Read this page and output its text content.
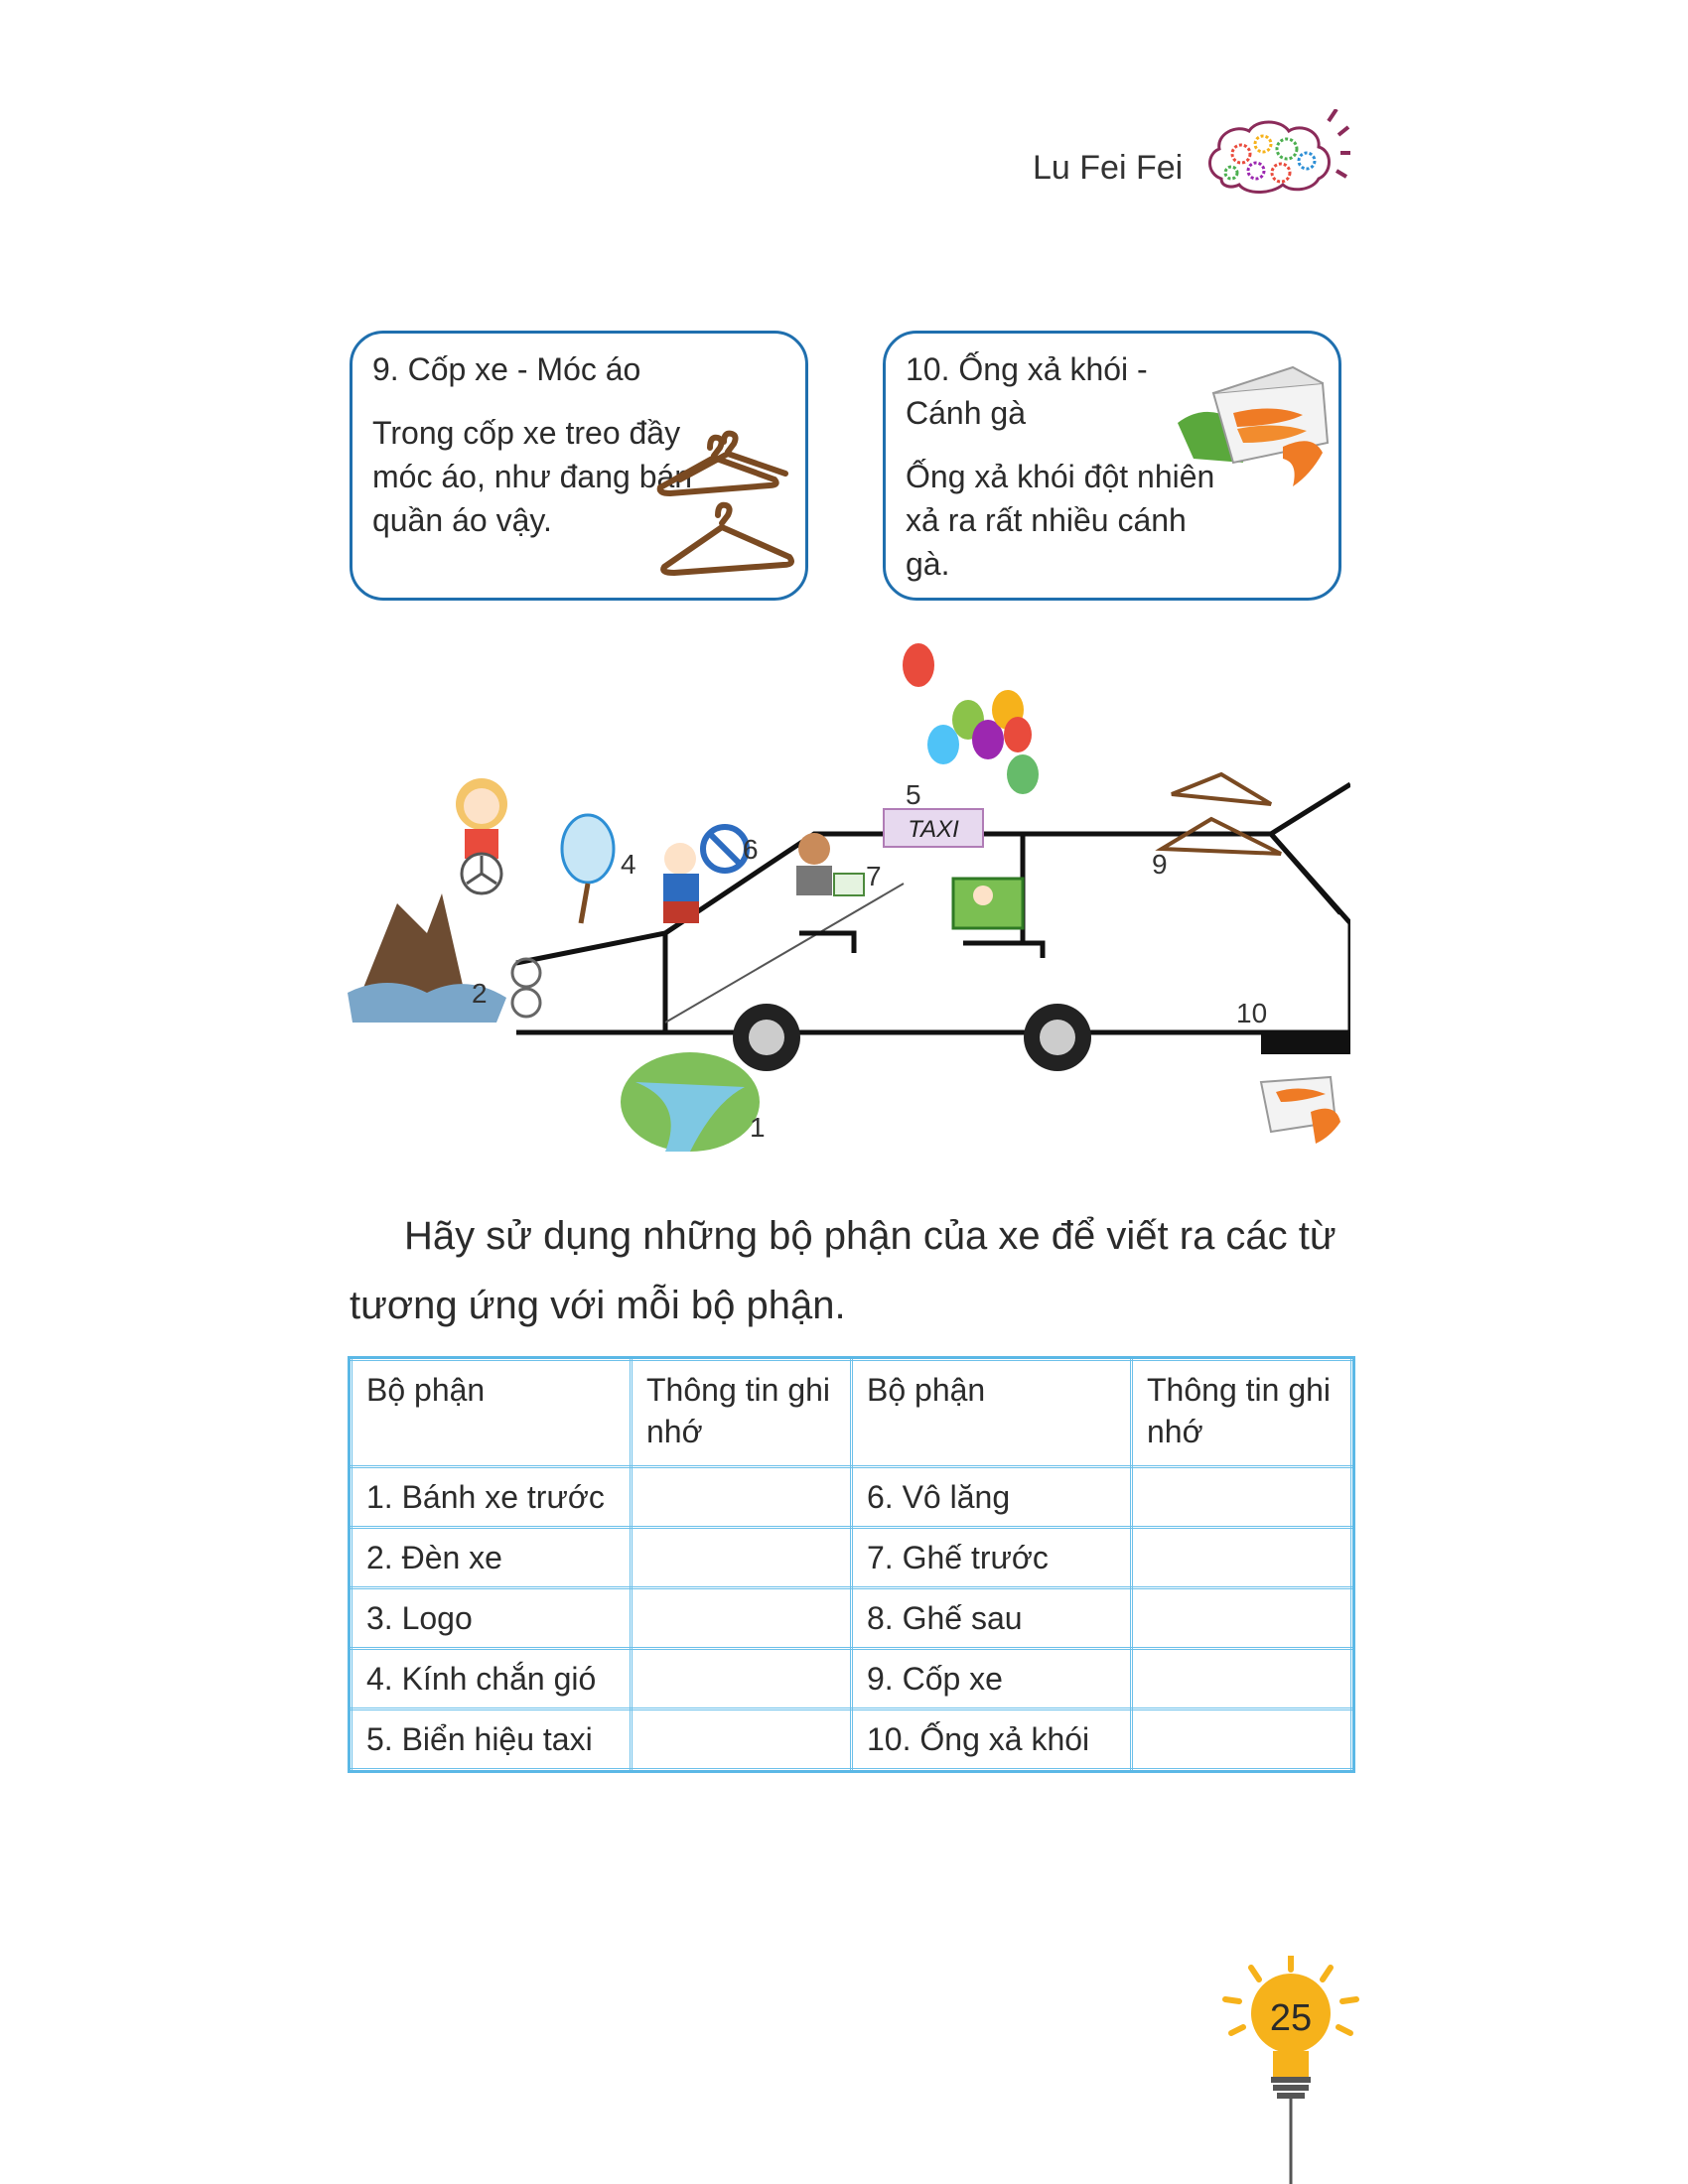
Lu Fei Fei
9. Cốp xe - Móc áo
Trong cốp xe treo đầy móc áo, như đang bán quần áo vậy.
10. Ống xả khói - Cánh gà
Ống xả khói đột nhiên xả ra rất nhiều cánh gà.
TAXI
1
2
4
5
6
7	9
10
Hãy sử dụng những bộ phận của xe để viết ra các từ tương ứng với mỗi bộ phận.
Bộ phận	Thông tin ghi nhớ	Bộ phận	Thông tin ghi nhớ
1. Bánh xe trước		6. Vô lăng	
2. Đèn xe		7. Ghế trước	
3. Logo		8. Ghế sau	
4. Kính chắn gió		9. Cốp xe	
5. Biển hiệu taxi		10. Ống xả khói	
25
